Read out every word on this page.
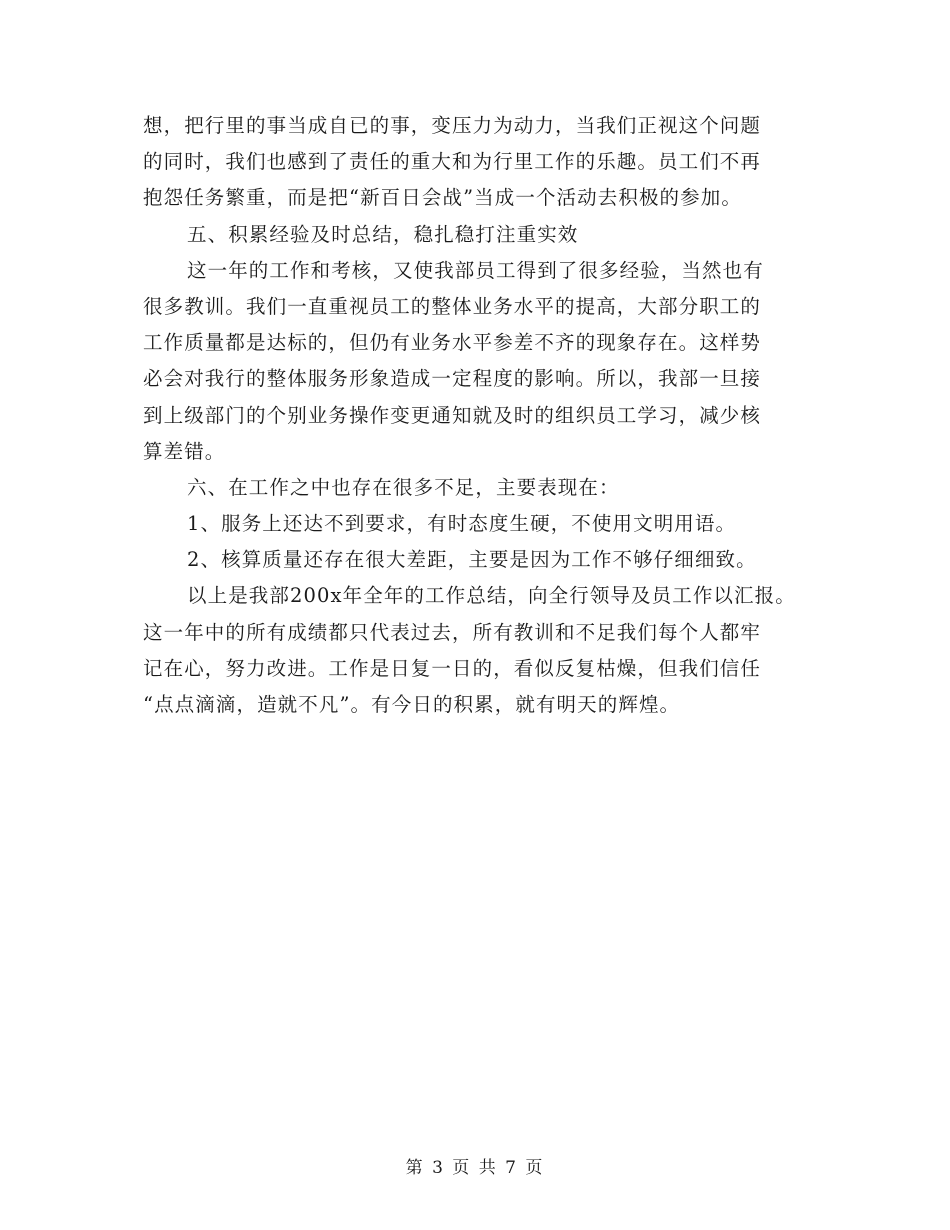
想，把行里的事当成自已的事，变压力为动力，当我们正视这个问题
的同时，我们也感到了责任的重大和为行里工作的乐趣。员工们不再
抱怨任务繁重，而是把“新百日会战”当成一个活动去积极的参加。
五、积累经验及时总结，稳扎稳打注重实效
这一年的工作和考核，又使我部员工得到了很多经验，当然也有
很多教训。我们一直重视员工的整体业务水平的提高，大部分职工的
工作质量都是达标的，但仍有业务水平参差不齐的现象存在。这样势
必会对我行的整体服务形象造成一定程度的影响。所以，我部一旦接
到上级部门的个别业务操作变更通知就及时的组织员工学习，减少核
算差错。
六、在工作之中也存在很多不足，主要表现在：
1、服务上还达不到要求，有时态度生硬，不使用文明用语。
2、核算质量还存在很大差距，主要是因为工作不够仔细细致。
以上是我部200x年全年的工作总结，向全行领导及员工作以汇报。
这一年中的所有成绩都只代表过去，所有教训和不足我们每个人都牢
记在心，努力改进。工作是日复一日的，看似反复枯燥，但我们信任
“点点滴滴，造就不凡”。有今日的积累，就有明天的辉煌。
第 3 页 共 7 页
